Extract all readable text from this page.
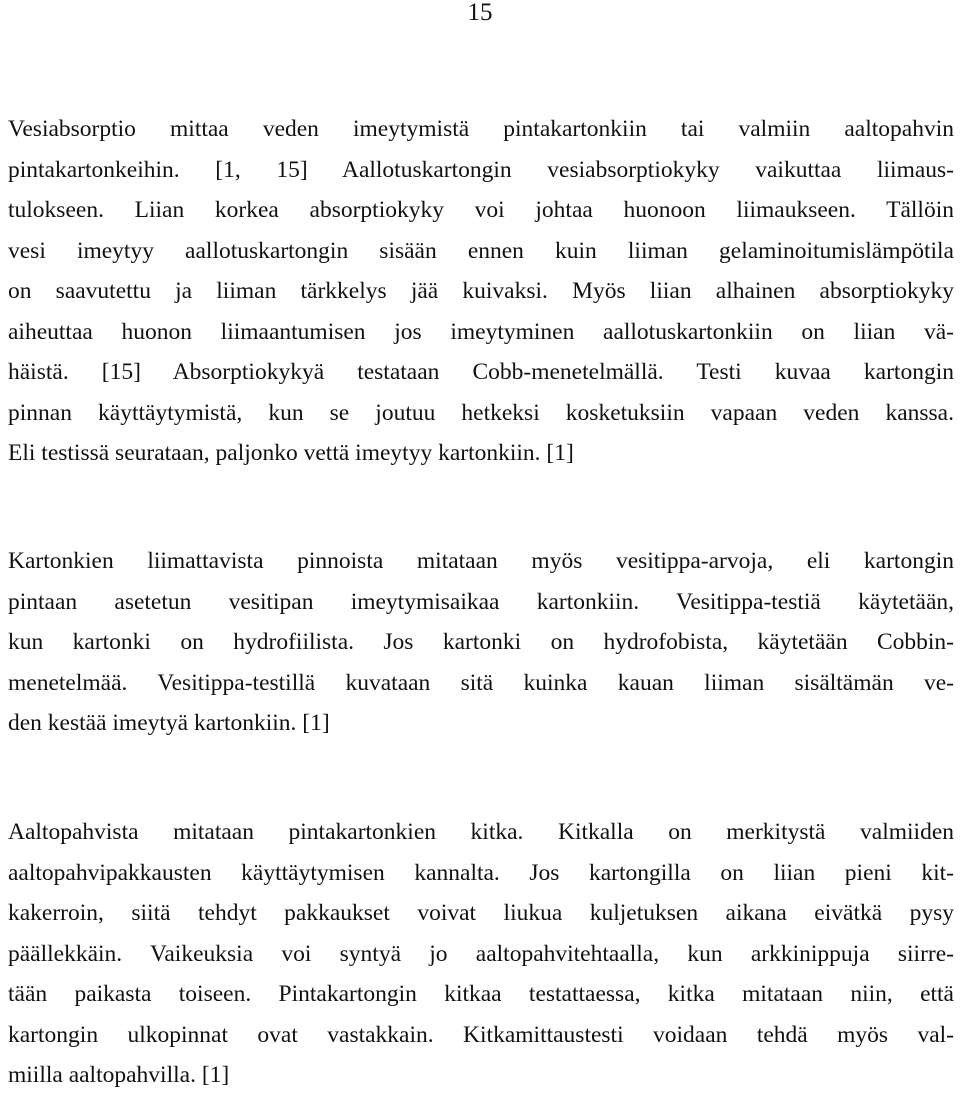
15
Vesiabsorptio mittaa veden imeytymistä pintakartonkiin tai valmiin aaltopahvin
pintakartonkeihin. [1, 15] Aallotuskartongin vesiabsorptiokyky vaikuttaa liimaus-
tulokseen. Liian korkea absorptiokyky voi johtaa huonoon liimaukseen. Tällöin
vesi imeytyy aallotuskartongin sisään ennen kuin liiman gelaminoitumislämpötila
on saavutettu ja liiman tärkkelys jää kuivaksi. Myös liian alhainen absorptiokyky
aiheuttaa huonon liimaantumisen jos imeytyminen aallotuskartonkiin on liian vä-
häistä. [15] Absorptiokykyä testataan Cobb-menetelmällä. Testi kuvaa kartongin
pinnan käyttäytymistä, kun se joutuu hetkeksi kosketuksiin vapaan veden kanssa.
Eli testissä seurataan, paljonko vettä imeytyy kartonkiin. [1]
Kartonkien liimattavista pinnoista mitataan myös vesitippa-arvoja, eli kartongin
pintaan asetetun vesitipan imeytymisaikaa kartonkiin. Vesitippa-testiä käytetään,
kun kartonki on hydrofiilista. Jos kartonki on hydrofobista, käytetään Cobbin-
menetelmää. Vesitippa-testillä kuvataan sitä kuinka kauan liiman sisältämän ve-
den kestää imeytyä kartonkiin. [1]
Aaltopahvista mitataan pintakartonkien kitka. Kitkalla on merkitystä valmiiden
aaltopahvipakkausten käyttäytymisen kannalta. Jos kartongilla on liian pieni kit-
kakerroin, siitä tehdyt pakkaukset voivat liukua kuljetuksen aikana eivätkä pysy
päällekkäin. Vaikeuksia voi syntyä jo aaltopahvitehtaalla, kun arkkinippuja siirre-
tään paikasta toiseen. Pintakartongin kitkaa testattaessa, kitka mitataan niin, että
kartongin ulkopinnat ovat vastakkain. Kitkamittaustesti voidaan tehdä myös val-
miilla aaltopahvilla. [1]
